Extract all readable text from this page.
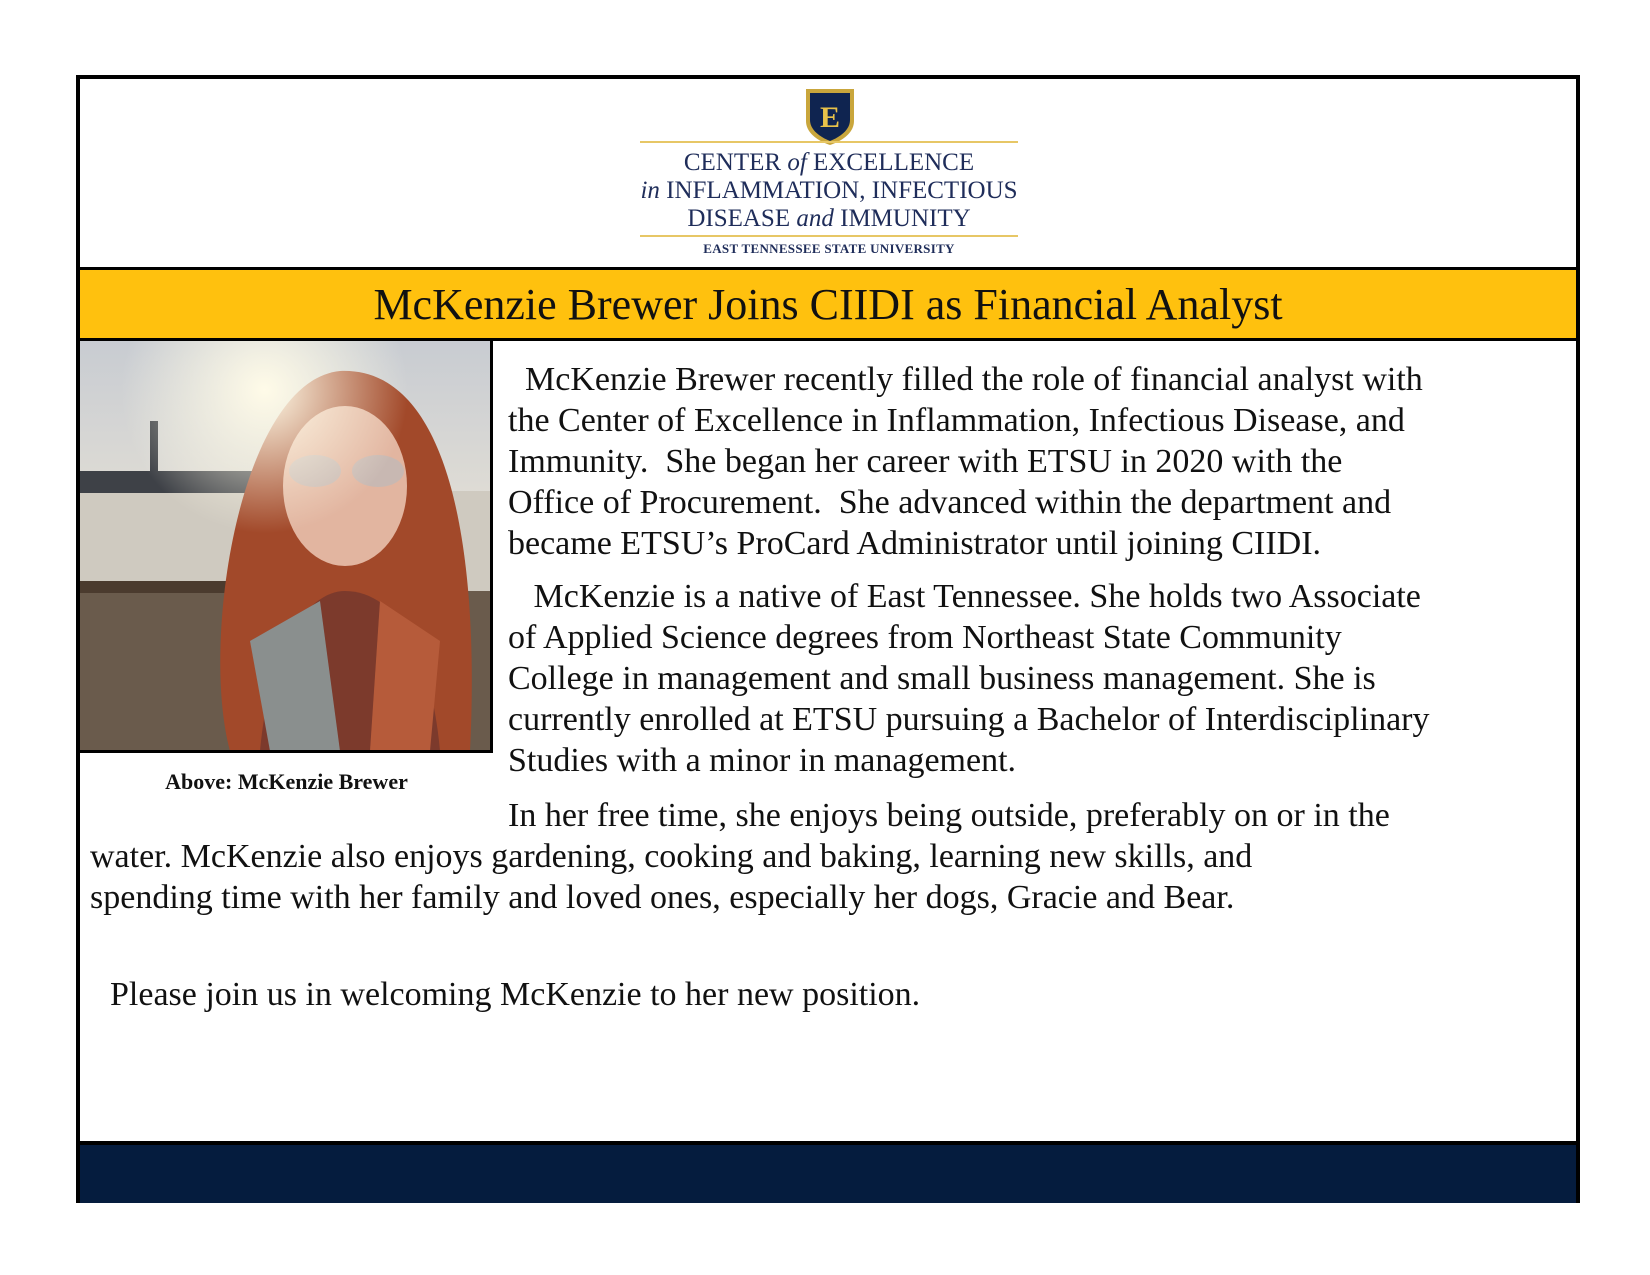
E
CENTER of EXCELLENCE
in INFLAMMATION, INFECTIOUS
DISEASE and IMMUNITY
EAST TENNESSEE STATE UNIVERSITY
McKenzie Brewer Joins CIIDI as Financial Analyst
Above: McKenzie Brewer
McKenzie Brewer recently filled the role of financial analyst with
the Center of Excellence in Inflammation, Infectious Disease, and
Immunity.  She began her career with ETSU in 2020 with the
Office of Procurement.  She advanced within the department and
became ETSU’s ProCard Administrator until joining CIIDI.
McKenzie is a native of East Tennessee. She holds two Associate
of Applied Science degrees from Northeast State Community
College in management and small business management. She is
currently enrolled at ETSU pursuing a Bachelor of Interdisciplinary
Studies with a minor in management.
In her free time, she enjoys being outside, preferably on or in the
water. McKenzie also enjoys gardening, cooking and baking, learning new skills, and
spending time with her family and loved ones, especially her dogs, Gracie and Bear.
Please join us in welcoming McKenzie to her new position.
